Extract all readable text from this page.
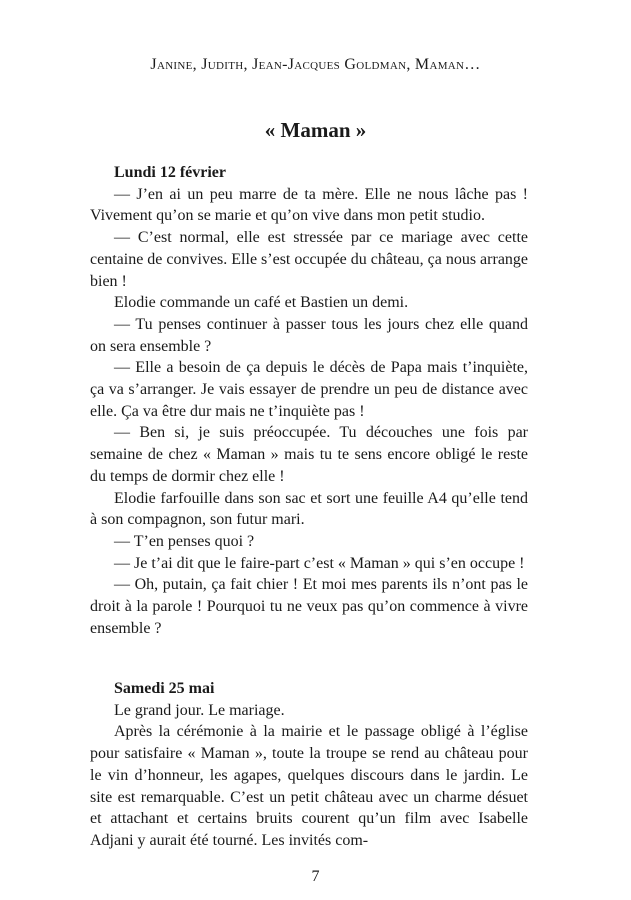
Janine, Judith, Jean-Jacques Goldman, Maman…
« Maman »

Lundi 12 février

— J’en ai un peu marre de ta mère. Elle ne nous lâche pas ! Vivement qu’on se marie et qu’on vive dans mon petit studio.

— C’est normal, elle est stressée par ce mariage avec cette centaine de convives. Elle s’est occupée du château, ça nous arrange bien !

Elodie commande un café et Bastien un demi.

— Tu penses continuer à passer tous les jours chez elle quand on sera ensemble ?

— Elle a besoin de ça depuis le décès de Papa mais t’inquiète, ça va s’arranger. Je vais essayer de prendre un peu de distance avec elle. Ça va être dur mais ne t’inquiète pas !

— Ben si, je suis préoccupée. Tu découches une fois par semaine de chez « Maman » mais tu te sens encore obligé le reste du temps de dormir chez elle !

Elodie farfouille dans son sac et sort une feuille A4 qu’elle tend à son compagnon, son futur mari.

— T’en penses quoi ?

— Je t’ai dit que le faire-part c’est « Maman » qui s’en occupe !

— Oh, putain, ça fait chier ! Et moi mes parents ils n’ont pas le droit à la parole ! Pourquoi tu ne veux pas qu’on commence à vivre ensemble ?

Samedi 25 mai

Le grand jour. Le mariage.

Après la cérémonie à la mairie et le passage obligé à l’église pour satisfaire « Maman », toute la troupe se rend au château pour le vin d’honneur, les agapes, quelques discours dans le jardin. Le site est remarquable. C’est un petit château avec un charme désuet et attachant et certains bruits courent qu’un film avec Isabelle Adjani y aurait été tourné. Les invités com-

7
